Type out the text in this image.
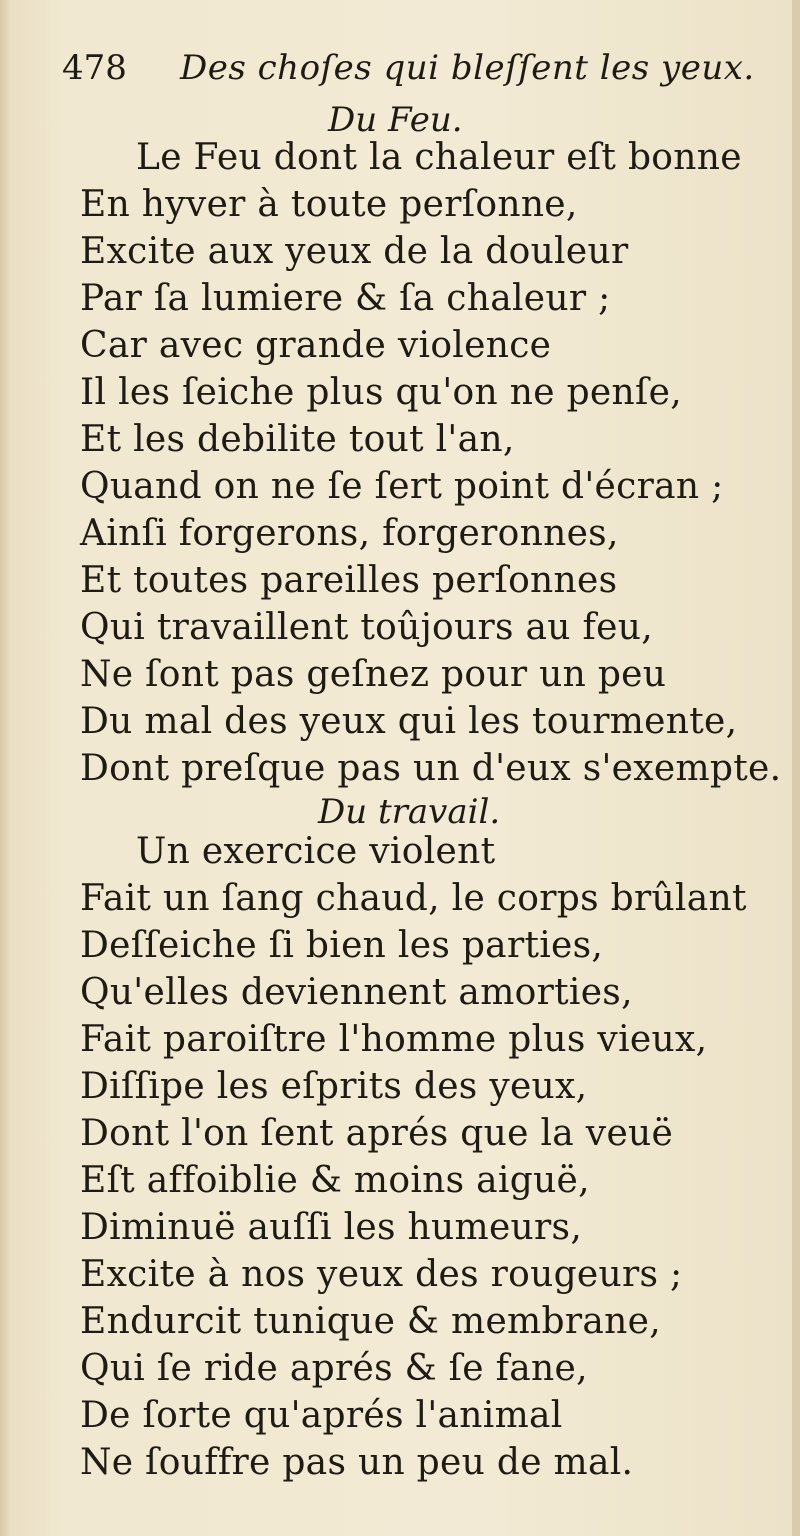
478 Des choſes qui bleſſent les yeux.
Du Feu.
Le Feu dont la chaleur eſt bonne
En hyver à toute perſonne,
Excite aux yeux de la douleur
Par ſa lumiere & ſa chaleur ;
Car avec grande violence
Il les ſeiche plus qu'on ne penſe,
Et les debilite tout l'an,
Quand on ne ſe ſert point d'écran ;
Ainſi forgerons, forgeronnes,
Et toutes pareilles perſonnes
Qui travaillent toûjours au feu,
Ne ſont pas geſnez pour un peu
Du mal des yeux qui les tourmente,
Dont preſque pas un d'eux s'exempte.
Du travail.
Un exercice violent
Fait un ſang chaud, le corps brûlant
Deſſeiche ſi bien les parties,
Qu'elles deviennent amorties,
Fait paroiſtre l'homme plus vieux,
Diſſipe les eſprits des yeux,
Dont l'on ſent aprés que la veuë
Eſt affoiblie & moins aiguë,
Diminuë auſſi les humeurs,
Excite à nos yeux des rougeurs ;
Endurcit tunique & membrane,
Qui ſe ride aprés & ſe fane,
De ſorte qu'aprés l'animal
Ne ſouffre pas un peu de mal.
